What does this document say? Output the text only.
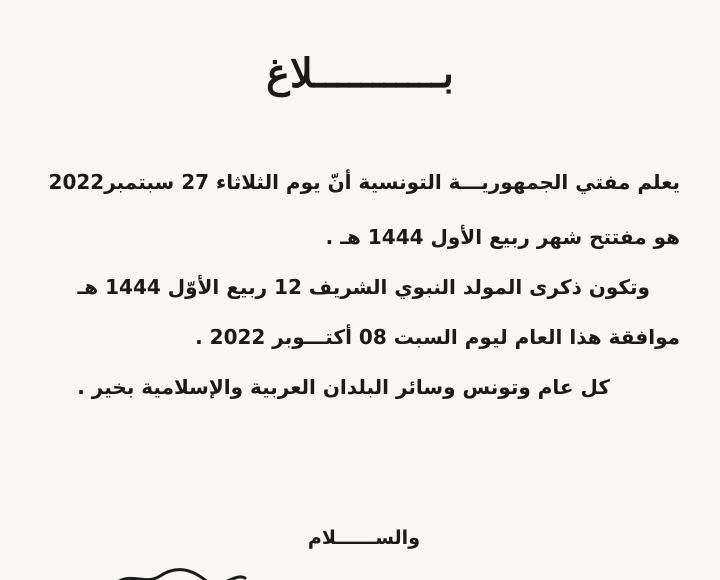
بـــــــــــلاغ
يعلم مفتي الجمهوريـــة التونسية أنّ يوم الثلاثاء 27 سبتمبر2022
هو مفتتح شهر ربيع الأول 1444 هـ .
وتكون ذكرى المولد النبوي الشريف 12 ربيع الأوّل 1444 هـ
موافقة هذا العام ليوم السبت 08 أكتـــوبر 2022 .
كل عام وتونس وسائر البلدان العربية والإسلامية بخير .
والســــــلام
